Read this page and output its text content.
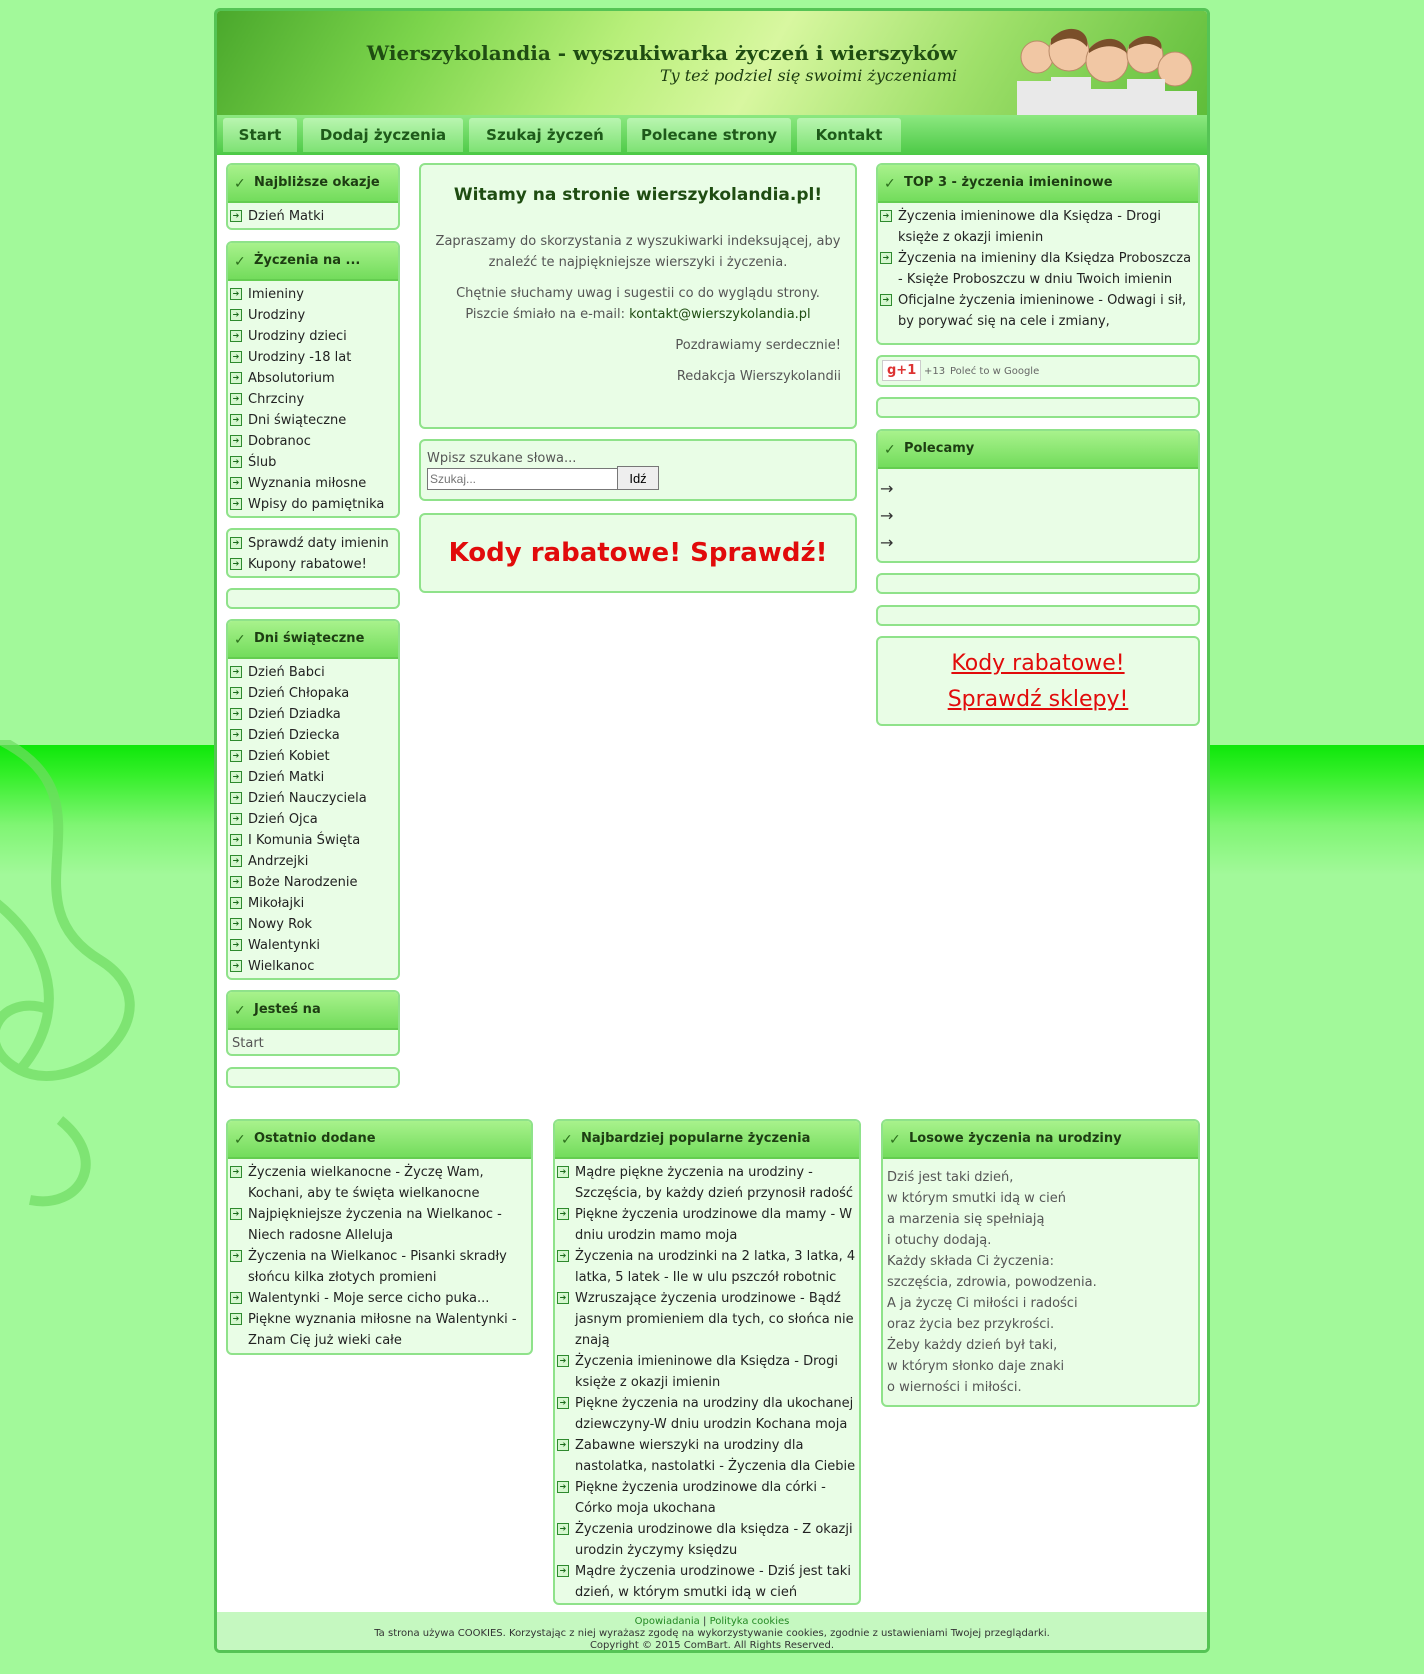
Wierszykolandia - wyszukiwarka życzeń i wierszyków
Ty też podziel się swoimi życzeniami
Start	Dodaj życzenia	Szukaj życzeń	Polecane strony	Kontakt
✓ Najbliższe okazje
➔ Dzień Matki
✓ Życzenia na ...
➔ Imieniny
➔ Urodziny
➔ Urodziny dzieci
➔ Urodziny -18 lat
➔ Absolutorium
➔ Chrzciny
➔ Dni świąteczne
➔ Dobranoc
➔ Ślub
➔ Wyznania miłosne
➔ Wpisy do pamiętnika
➔ Sprawdź daty imienin
➔ Kupony rabatowe!
✓ Dni świąteczne
➔ Dzień Babci
➔ Dzień Chłopaka
➔ Dzień Dziadka
➔ Dzień Dziecka
➔ Dzień Kobiet
➔ Dzień Matki
➔ Dzień Nauczyciela
➔ Dzień Ojca
➔ I Komunia Święta
➔ Andrzejki
➔ Boże Narodzenie
➔ Mikołajki
➔ Nowy Rok
➔ Walentynki
➔ Wielkanoc
✓ Jesteś na
Start
Witamy na stronie wierszykolandia.pl!

Zapraszamy do skorzystania z wyszukiwarki indeksującej, aby znaleźć te najpiękniejsze wierszyki i życzenia.

Chętnie słuchamy uwag i sugestii co do wyglądu strony. Piszcie śmiało na e-mail: kontakt@wierszykolandia.pl

Pozdrawiamy serdecznie!

Redakcja Wierszykolandii

Wpisz szukane słowa...
Szukaj...
Idź
Kody rabatowe! Sprawdź!
✓ TOP 3 - życzenia imieninowe
➔ Życzenia imieninowe dla Księdza - Drogi księże z okazji imienin
➔ Życzenia na imieniny dla Księdza Proboszcza - Księże Proboszczu w dniu Twoich imienin
➔ Oficjalne życzenia imieninowe - Odwagi i sił, by porywać się na cele i zmiany,
g+1 +13 Poleć to w Google
✓ Polecamy
→
→
→
Kody rabatowe!
Sprawdź sklepy!
✓ Ostatnio dodane
➔ Życzenia wielkanocne - Życzę Wam, Kochani, aby te święta wielkanocne
➔ Najpiękniejsze życzenia na Wielkanoc - Niech radosne Alleluja
➔ Życzenia na Wielkanoc - Pisanki skradły słońcu kilka złotych promieni
➔ Walentynki - Moje serce cicho puka...
➔ Piękne wyznania miłosne na Walentynki - Znam Cię już wieki całe
✓ Najbardziej popularne życzenia
➔ Mądre piękne życzenia na urodziny - Szczęścia, by każdy dzień przynosił radość
➔ Piękne życzenia urodzinowe dla mamy - W dniu urodzin mamo moja
➔ Życzenia na urodzinki na 2 latka, 3 latka, 4 latka, 5 latek - Ile w ulu pszczół robotnic
➔ Wzruszające życzenia urodzinowe - Bądź jasnym promieniem dla tych, co słońca nie znają
➔ Życzenia imieninowe dla Księdza - Drogi księże z okazji imienin
➔ Piękne życzenia na urodziny dla ukochanej dziewczyny-W dniu urodzin Kochana moja
➔ Zabawne wierszyki na urodziny dla nastolatka, nastolatki - Życzenia dla Ciebie
➔ Piękne życzenia urodzinowe dla córki - Córko moja ukochana
➔ Życzenia urodzinowe dla księdza - Z okazji urodzin życzymy księdzu
➔ Mądre życzenia urodzinowe - Dziś jest taki dzień, w którym smutki idą w cień
✓ Losowe życzenia na urodziny
Dziś jest taki dzień,
w którym smutki idą w cień
a marzenia się spełniają
i otuchy dodają.
Każdy składa Ci życzenia:
szczęścia, zdrowia, powodzenia.
A ja życzę Ci miłości i radości
oraz życia bez przykrości.
Żeby każdy dzień był taki,
w którym słonko daje znaki
o wierności i miłości.
Opowiadania | Polityka cookies
Ta strona używa COOKIES. Korzystając z niej wyrażasz zgodę na wykorzystywanie cookies, zgodnie z ustawieniami Twojej przeglądarki.
Copyright © 2015 ComBart. All Rights Reserved.
